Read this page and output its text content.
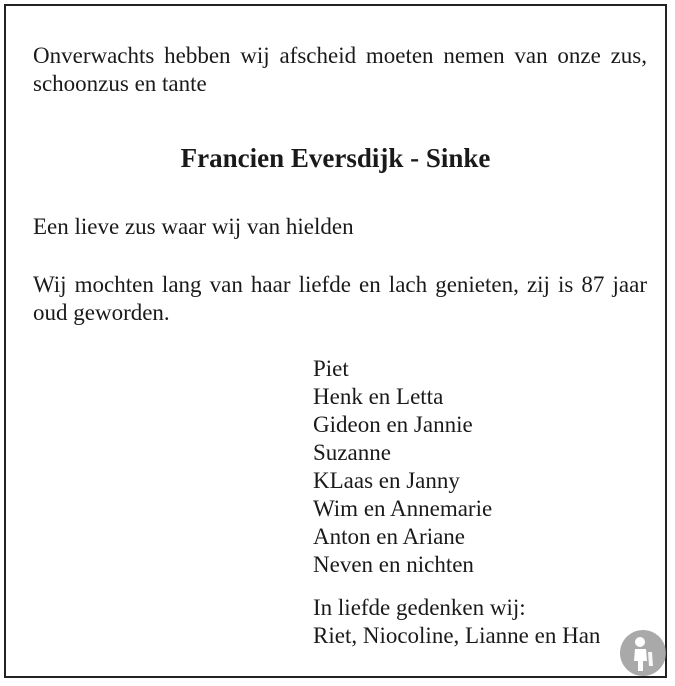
Onverwachts hebben wij afscheid moeten nemen van onze zus, schoonzus en tante

Francien Eversdijk - Sinke

Een lieve zus waar wij van hielden

Wij mochten lang van haar liefde en lach genieten, zij is 87 jaar oud geworden.

Piet
Henk en Letta
Gideon en Jannie
Suzanne
KLaas en Janny
Wim en Annemarie
Anton en Ariane
Neven en nichten
In liefde gedenken wij:
Riet, Niocoline, Lianne en Han
